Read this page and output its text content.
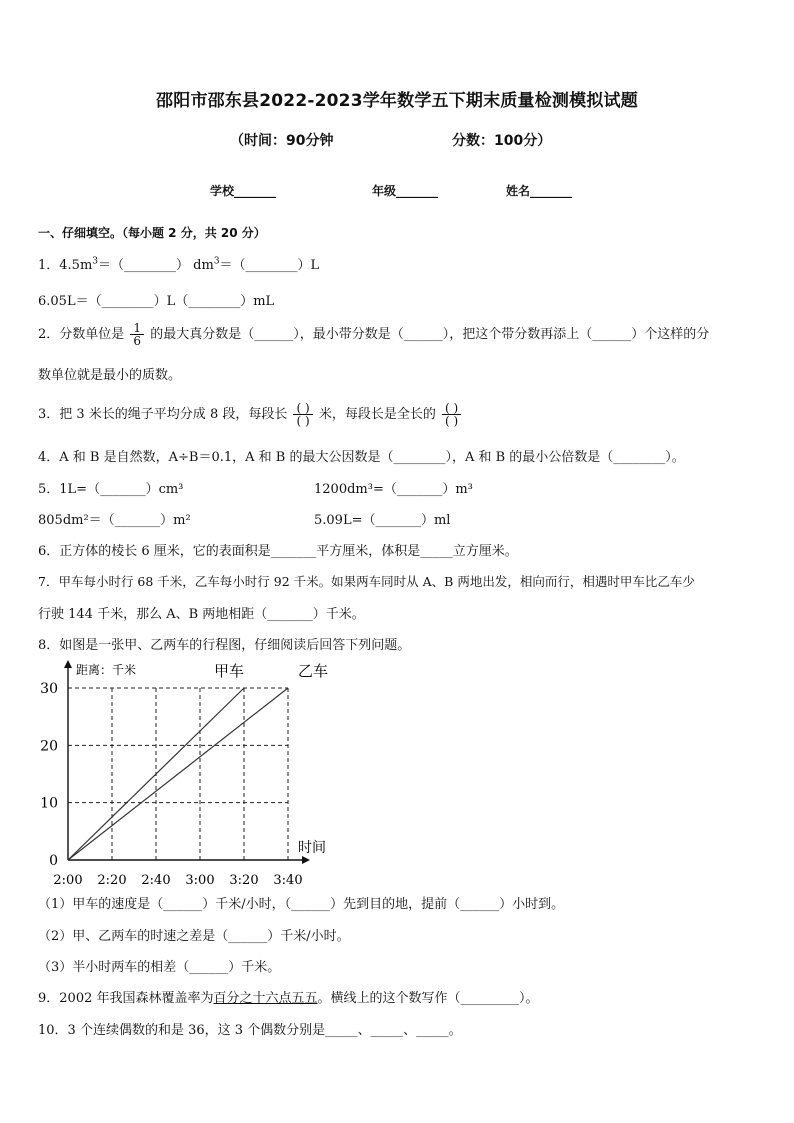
邵阳市邵东县2022-2023学年数学五下期末质量检测模拟试题
（时间：90分钟	分数：100分）
学校_______	年级_______	姓名_______
一、仔细填空。（每小题 2 分，共 20 分）
1．$4.5m^3=(\_\_\_\_\_\_\_\_)$ $dm^3=(\_\_\_\_\_\_\_\_)L$
6.05L＝（________）L（________）mL
2．分数单位是 $\frac{1}{6}$ 的最大真分数是（______），最小带分数是（______），把这个带分数再添上（______）个这样的分
数单位就是最小的质数。
3．把 3 米长的绳子平均分成 8 段，每段长 $\frac{( )}{( )}$ 米，每段长是全长的 $\frac{( )}{( )}$
4．A 和 B 是自然数，A÷B＝0.1，A 和 B 的最大公因数是（________），A 和 B 的最小公倍数是（________）。
5．1L=（_______）cm³	1200dm³=（_______）m³
805dm²＝（_______）m²	5.09L=（_______）ml
6．正方体的棱长 6 厘米，它的表面积是_______平方厘米，体积是_____立方厘米。
7．甲车每小时行 68 千米，乙车每小时行 92 千米。如果两车同时从 A、B 两地出发，相向而行，相遇时甲车比乙车少
行驶 144 千米，那么 A、B 两地相距（_______）千米。
8．如图是一张甲、乙两车的行程图，仔细阅读后回答下列问题。
0
10
20
30
2:00 2:20 2:40 3:00 3:20 3:40
距离：千米
时间
甲车	乙车
（1）甲车的速度是（______）千米/小时，（______）先到目的地，提前（______）小时到。
（2）甲、乙两车的时速之差是（______）千米/小时。
（3）半小时两车的相差（______）千米。
9．2002 年我国森林覆盖率为百分之十六点五五。横线上的这个数写作（_________）。
10．3 个连续偶数的和是 36，这 3 个偶数分别是_____、_____、_____。
